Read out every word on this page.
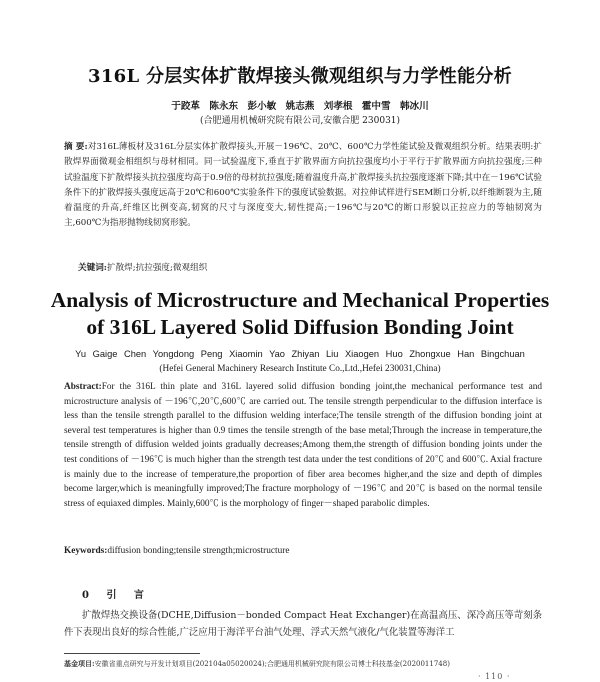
316L 分层实体扩散焊接头微观组织与力学性能分析
于跤革 陈永东 彭小敏 姚志燕 刘孝根 霍中雪 韩冰川
(合肥通用机械研究院有限公司,安徽合肥 230031)

摘 要:对316L薄板材及316L分层实体扩散焊接头,开展－196℃、20℃、600℃力学性能试验及微观组织分析。结果表明:扩散焊界面微观金相组织与母材相同。同一试验温度下,垂直于扩散界面方向抗拉强度均小于平行于扩散界面方向抗拉强度;三种试验温度下扩散焊接头抗拉强度均高于0.9倍的母材抗拉强度;随着温度升高,扩散焊接头抗拉强度逐渐下降;其中在－196℃试验条件下的扩散焊接头强度远高于20℃和600℃实验条件下的强度试验数据。对拉伸试样进行SEM断口分析,以纤维断裂为主,随着温度的升高,纤维区比例变高,韧窝的尺寸与深度变大,韧性提高;－196℃与20℃的断口形貌以正拉应力的等轴韧窝为主,600℃为指形抛物线韧窝形貌。

关键词:扩散焊;抗拉强度;微观组织

Analysis of Microstructure and Mechanical Properties
of 316L Layered Solid Diffusion Bonding Joint
Yu Gaige Chen Yongdong Peng Xiaomin Yao Zhiyan Liu Xiaogen Huo Zhongxue Han Bingchuan
(Hefei General Machinery Research Institute Co.,Ltd.,Hefei 230031,China)

Abstract:For the 316L thin plate and 316L layered solid diffusion bonding joint,the mechanical performance test and microstructure analysis of －196℃,20℃,600℃ are carried out. The tensile strength perpendicular to the diffusion interface is less than the tensile strength parallel to the diffusion welding interface;The tensile strength of the diffusion bonding joint at several test temperatures is higher than 0.9 times the tensile strength of the base metal;Through the increase in temperature,the tensile strength of diffusion welded joints gradually decreases;Among them,the strength of diffusion bonding joints under the test conditions of －196℃ is much higher than the strength test data under the test conditions of 20℃ and 600℃. Axial fracture is mainly due to the increase of temperature,the proportion of fiber area becomes higher,and the size and depth of dimples become larger,which is meaningfully improved;The fracture morphology of －196℃ and 20℃ is based on the normal tensile stress of equiaxed dimples. Mainly,600℃ is the morphology of finger－shaped parabolic dimples.

Keywords:diffusion bonding;tensile strength;microstructure

0 引 言

扩散焊热交换设备(DCHE,Diffusion－bonded Compact Heat Exchanger)在高温高压、深冷高压等苛刻条件下表现出良好的综合性能,广泛应用于海洋平台油气处理、浮式天然气液化/气化装置等海洋工

基金项目:安徽省重点研究与开发计划项目(202104a05020024);合肥通用机械研究院有限公司博士科技基金(2020011748)

· 110 ·
